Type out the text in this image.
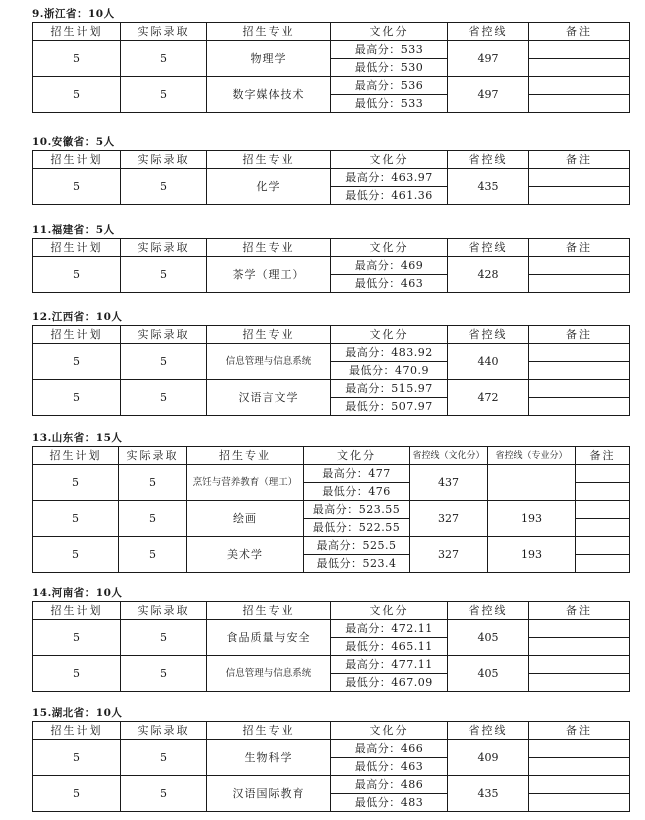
9.浙江省：10人
招生计划	实际录取	招生专业	文化分	省控线	备注
5	5	物理学	最高分：533	497	
			最低分：530		
5	5	数字媒体技术	最高分：536	497	
			最低分：533		
10.安徽省：5人
招生计划	实际录取	招生专业	文化分	省控线	备注
5	5	化学	最高分：463.97	435	
			最低分：461.36		
11.福建省：5人
招生计划	实际录取	招生专业	文化分	省控线	备注
5	5	茶学（理工）	最高分：469	428	
			最低分：463		
12.江西省：10人
招生计划	实际录取	招生专业	文化分	省控线	备注
5	5	信息管理与信息系统	最高分：483.92	440	
			最低分：470.9		
5	5	汉语言文学	最高分：515.97	472	
			最低分：507.97		
13.山东省：15人
招生计划	实际录取	招生专业	文化分	省控线（文化分）	省控线（专业分）	备注
5	5	烹饪与营养教育（理工）	最高分：477	437		
			最低分：476			
5	5	绘画	最高分：523.55	327	193	
			最低分：522.55			
5	5	美术学	最高分：525.5	327	193	
			最低分：523.4			
14.河南省：10人
招生计划	实际录取	招生专业	文化分	省控线	备注
5	5	食品质量与安全	最高分：472.11	405	
			最低分：465.11		
5	5	信息管理与信息系统	最高分：477.11	405	
			最低分：467.09		
15.湖北省：10人
招生计划	实际录取	招生专业	文化分	省控线	备注
5	5	生物科学	最高分：466	409	
			最低分：463		
5	5	汉语国际教育	最高分：486	435	
			最低分：483		
